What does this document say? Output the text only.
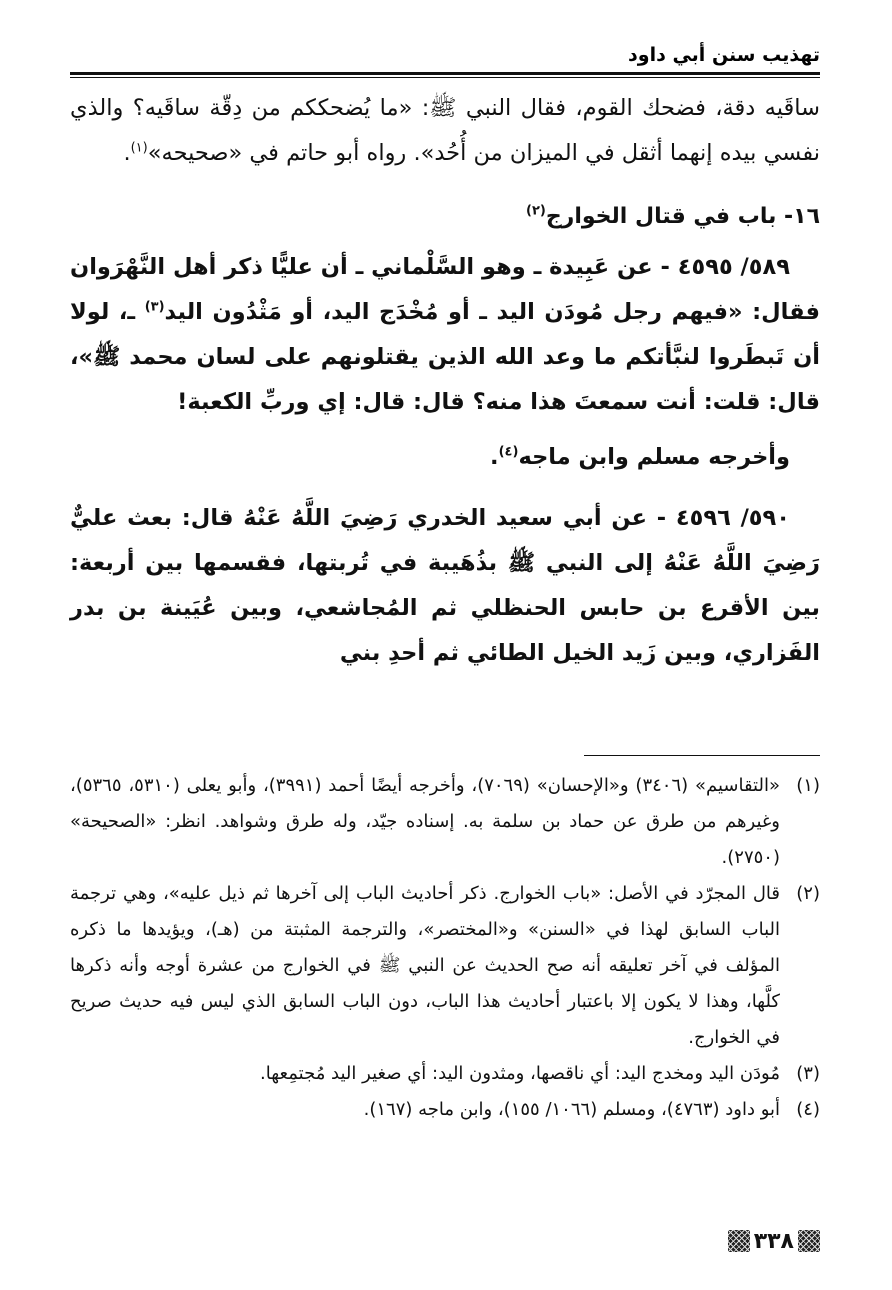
تهذيب سنن أبي داود

ساقَيه دقة، فضحك القوم، فقال النبي ﷺ: «ما يُضحككم من دِقّة ساقَيه؟ والذي نفسي بيده إنهما أثقل في الميزان من أُحُد». رواه أبو حاتم في «صحيحه»$^{(١)}$.

١٦- باب في قتال الخوارج$^{(٢)}$

٥٨٩/ ٤٥٩٥ - عن عَبِيدة ـ وهو السَّلْماني ـ أن عليًّا ذكر أهل النَّهْرَوان فقال: «فيهم رجل مُودَن اليد ـ أو مُخْدَج اليد، أو مَثْدُون اليد$^{(٣)}$ ـ، لولا أن تَبطَروا لنبَّأتكم ما وعد الله الذين يقتلونهم على لسان محمد ﷺ»، قال: قلت: أنت سمعتَ هذا منه؟ قال: قال: إي وربِّ الكعبة!

وأخرجه مسلم وابن ماجه$^{(٤)}$.

٥٩٠/ ٤٥٩٦ - عن أبي سعيد الخدري رَضِيَ اللَّهُ عَنْهُ قال: بعث عليٌّ رَضِيَ اللَّهُ عَنْهُ إلى النبي ﷺ بذُهَيبة في تُربتها، فقسمها بين أربعة: بين الأقرع بن حابس الحنظلي ثم المُجاشعي، وبين عُيَينة بن بدر الفَزاري، وبين زَيد الخيل الطائي ثم أحدِ بني

(١)
«التقاسيم» (٣٤٠٦) و«الإحسان» (٧٠٦٩)، وأخرجه أيضًا أحمد (٣٩٩١)، وأبو يعلى (٥٣١٠، ٥٣٦٥)، وغيرهم من طرق عن حماد بن سلمة به. إسناده جيّد، وله طرق وشواهد. انظر: «الصحيحة» (٢٧٥٠).
(٢)
قال المجرّد في الأصل: «باب الخوارج. ذكر أحاديث الباب إلى آخرها ثم ذيل عليه»، وهي ترجمة الباب السابق لهذا في «السنن» و«المختصر»، والترجمة المثبتة من (هـ)، ويؤيدها ما ذكره المؤلف في آخر تعليقه أنه صح الحديث عن النبي ﷺ في الخوارج من عشرة أوجه وأنه ذكرها كلَّها، وهذا لا يكون إلا باعتبار أحاديث هذا الباب، دون الباب السابق الذي ليس فيه حديث صريح في الخوارج.
(٣)
مُودَن اليد ومخدج اليد: أي ناقصها، ومثدون اليد: أي صغير اليد مُجتمِعها.
(٤)
أبو داود (٤٧٦٣)، ومسلم (١٠٦٦/ ١٥٥)، وابن ماجه (١٦٧).
٣٣٨
